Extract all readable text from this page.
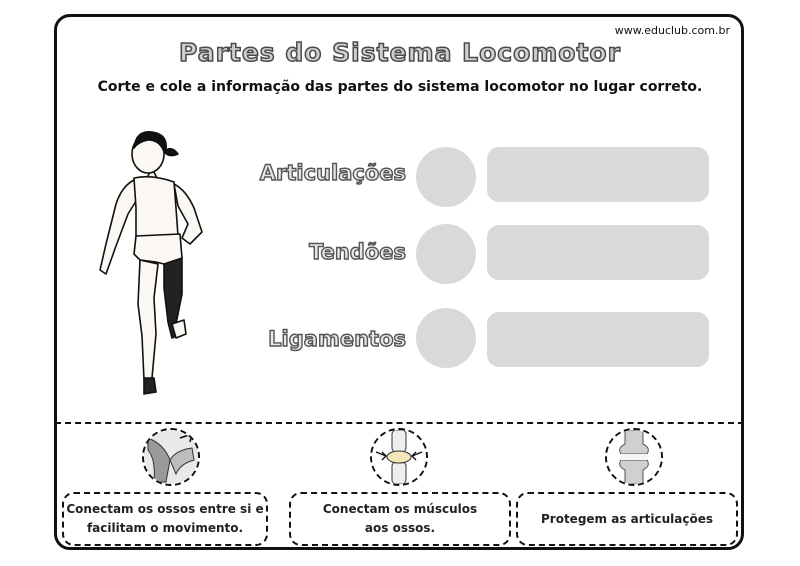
www.educlub.com.br
Partes do Sistema Locomotor
Corte e cole a informação das partes do sistema locomotor no lugar correto.
Articulações
Tendões
Ligamentos
Conectam os ossos entre si e
facilitam o movimento.
Conectam os músculos
aos ossos.
Protegem as articulações
